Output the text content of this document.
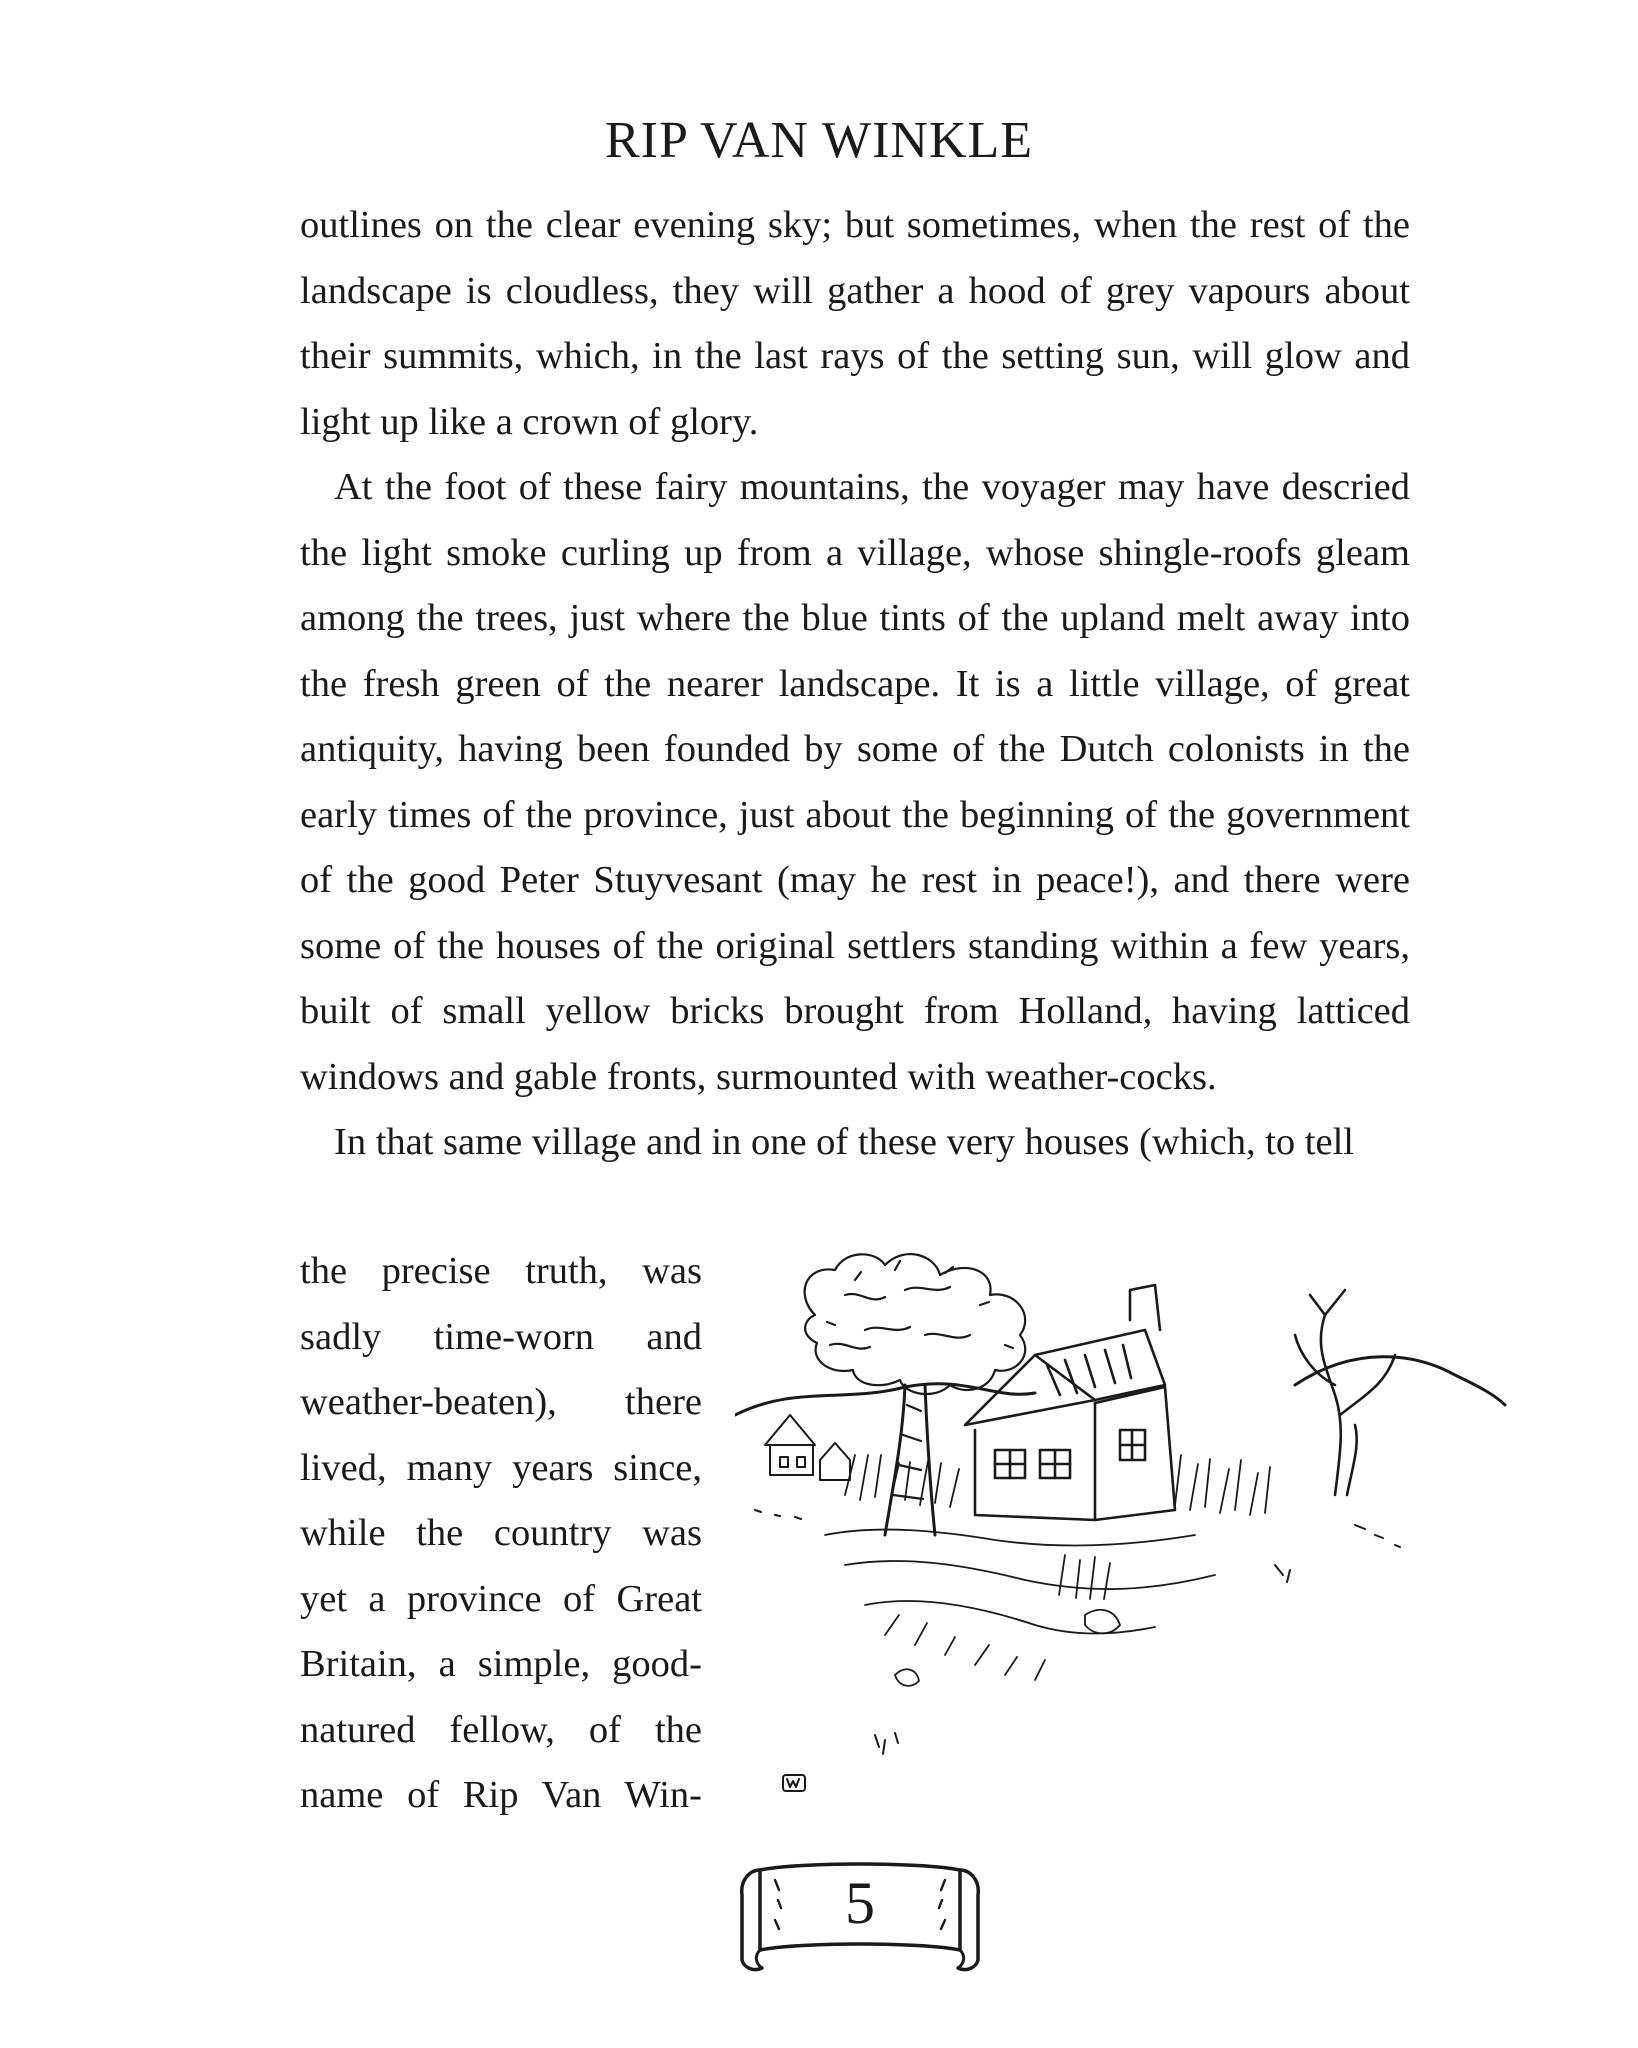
RIP VAN WINKLE

outlines on the clear evening sky; but sometimes, when the rest of the landscape is cloudless, they will gather a hood of grey vapours about their summits, which, in the last rays of the setting sun, will glow and light up like a crown of glory.

At the foot of these fairy mountains, the voyager may have descried the light smoke curling up from a village, whose shingle-roofs gleam among the trees, just where the blue tints of the upland melt away into the fresh green of the nearer landscape. It is a little village, of great antiquity, having been founded by some of the Dutch colonists in the early times of the province, just about the beginning of the government of the good Peter Stuyvesant (may he rest in peace!), and there were some of the houses of the original settlers standing within a few years, built of small yellow bricks brought from Holland, having latticed windows and gable fronts, surmounted with weather-cocks.

In that same village and in one of these very houses (which, to tell

the precise truth, was
sadly time-worn and
weather-beaten), there
lived, many years since,
while the country was
yet a province of Great
Britain, a simple, good-
natured fellow, of the
name of Rip Van Win-
5
